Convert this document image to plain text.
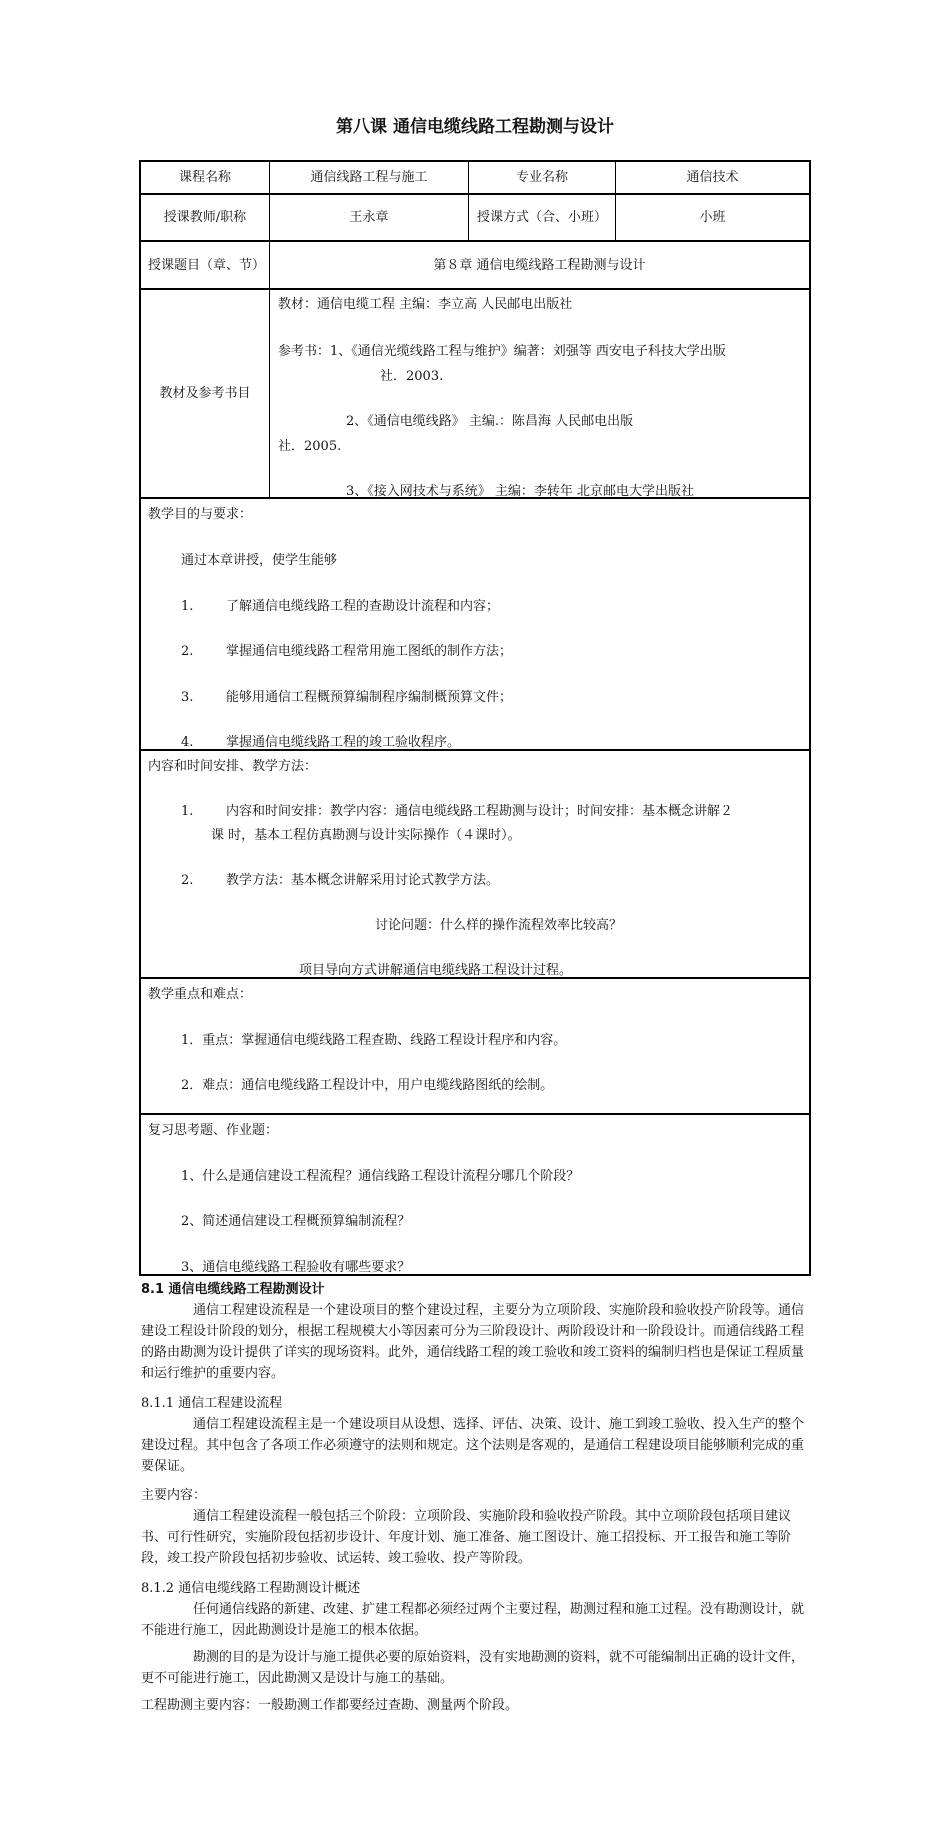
第八课 通信电缆线路工程勘测与设计
课程名称	通信线路工程与施工	专业名称	通信技术
授课教师/职称	王永章	授课方式（合、小班）	小班
授课题目（章、节）	第８章 通信电缆线路工程勘测与设计
教材及参考书目
教材：通信电缆工程 主编：李立高 人民邮电出版社
参考书：1、《通信光缆线路工程与维护》编著：刘强等 西安电子科技大学出版
社．2003.
2、《通信电缆线路》 主编.：陈昌海 人民邮电出版
社．2005.
3、《接入网技术与系统》 主编：李转年 北京邮电大学出版社
教学目的与要求：
通过本章讲授，使学生能够
1.	了解通信电缆线路工程的查勘设计流程和内容；
2.	掌握通信电缆线路工程常用施工图纸的制作方法；
3.	能够用通信工程概预算编制程序编制概预算文件；
4.	掌握通信电缆线路工程的竣工验收程序。
内容和时间安排、教学方法：
1.	内容和时间安排：教学内容：通信电缆线路工程勘测与设计；时间安排：基本概念讲解２
课 时，基本工程仿真勘测与设计实际操作（４课时）。
2.	教学方法：基本概念讲解采用讨论式教学方法。
讨论问题：什么样的操作流程效率比较高？
项目导向方式讲解通信电缆线路工程设计过程。
教学重点和难点：
1．重点：掌握通信电缆线路工程查勘、线路工程设计程序和内容。
2．难点：通信电缆线路工程设计中，用户电缆线路图纸的绘制。
复习思考题、作业题：
1、什么是通信建设工程流程？通信线路工程设计流程分哪几个阶段？
2、简述通信建设工程概预算编制流程？
3、通信电缆线路工程验收有哪些要求？
8.1 通信电缆线路工程勘测设计
通信工程建设流程是一个建设项目的整个建设过程，主要分为立项阶段、实施阶段和验收投产阶段等。通信建设工程设计阶段的划分，根据工程规模大小等因素可分为三阶段设计、两阶段设计和一阶段设计。而通信线路工程的路由勘测为设计提供了详实的现场资料。此外，通信线路工程的竣工验收和竣工资料的编制归档也是保证工程质量和运行维护的重要内容。
8.1.1 通信工程建设流程
通信工程建设流程主是一个建设项目从设想、选择、评估、决策、设计、施工到竣工验收、投入生产的整个建设过程。其中包含了各项工作必须遵守的法则和规定。这个法则是客观的，是通信工程建设项目能够顺利完成的重要保证。
主要内容：
通信工程建设流程一般包括三个阶段：立项阶段、实施阶段和验收投产阶段。其中立项阶段包括项目建议书、可行性研究，实施阶段包括初步设计、年度计划、施工准备、施工图设计、施工招投标、开工报告和施工等阶段，竣工投产阶段包括初步验收、试运转、竣工验收、投产等阶段。
8.1.2 通信电缆线路工程勘测设计概述
任何通信线路的新建、改建、扩建工程都必须经过两个主要过程，勘测过程和施工过程。没有勘测设计，就不能进行施工，因此勘测设计是施工的根本依据。
勘测的目的是为设计与施工提供必要的原始资料，没有实地勘测的资料，就不可能编制出正确的设计文件，更不可能进行施工，因此勘测又是设计与施工的基础。
工程勘测主要内容：一般勘测工作都要经过查勘、测量两个阶段。
